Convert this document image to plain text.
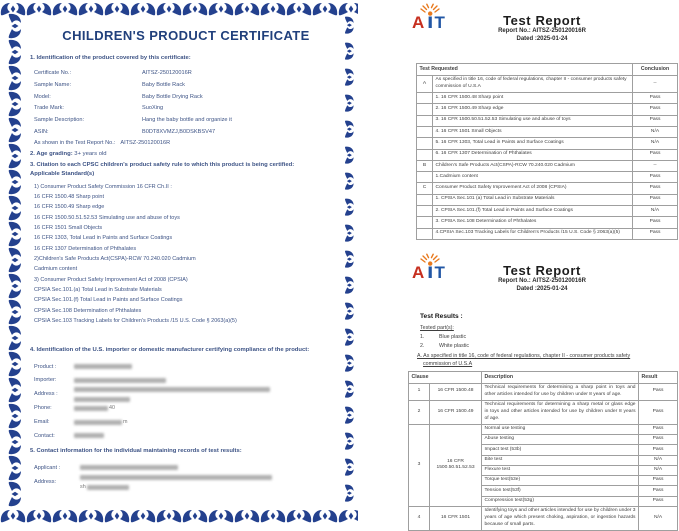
CHILDREN'S PRODUCT CERTIFICATE
1. Identification of the product covered by this certificate:
Certificate No.:	AITSZ-250120016R
Sample Name:	Baby Bottle Rack
Model:	Baby Bottle Drying Rack
Trade Mark:	SuoXing
Sample Description:	Hang the baby bottle and organize it
ASIN:	B0DT8XVMZJ,B0DSKBSV47
As shown in the Test Report No.: AITSZ-250120016R
2. Age grading: 3+ years old
3. Citation to each CPSC children's product safety rule to which this product is being certified:
Applicable Standard(s)
1) Consumer Product Safety Commission 16 CFR Ch.II :
16 CFR 1500.48 Sharp point
16 CFR 1500.49 Sharp edge
16 CFR 1500.50.51.52.53 Simulating use and abuse of toys
16 CFR 1501 Small Objects
16 CFR 1303, Total Lead in Paints and Surface Coatings
16 CFR 1307 Determination of Phthalates
2)Children's Safe Products Act(CSPA)-RCW 70.240.020 Cadmium
Cadmium content
3) Consumer Product Safety Improvement Act of 2008 (CPSIA)
CPSIA Sec.101.(a) Total Lead in Substrate Materials
CPSIA Sec.101.(f) Total Lead in Paints and Surface Coatings
CPSIA Sec.108 Determination of Phthalates
CPSIA Sec.103 Tracking Labels for Children's Products /15 U.S. Code § 2063(a)(5)
4. Identification of the U.S. importer or domestic manufacturer certifying compliance of the product:
Product :
Importer:
Address :
Phone:	40
Email:	m
Contact:
5. Contact information for the individual maintaining records of test results:
Applicant :
Address:
sh
A T	Test Report
Report No.: AITSZ-250120016R
Dated :2025-01-24
Test Requested		Conclusion
A	As specified in title 16, code of federal regulations, chapter II - consumer products safety commission of U.S.A	--
	1. 16 CFR 1500.48 Sharp point	Pass
	2. 16 CFR 1500.49 Sharp edge	Pass
	3. 16 CFR 1500.50.51.52.53 Simulating use and abuse of toys	Pass
	4. 16 CFR 1501 Small Objects	N/A
	5. 16 CFR 1303, Total Lead in Paints and Surface Coatings	N/A
	6. 16 CFR 1307 Determination of Phthalates	Pass
B	Children's Safe Products Act(CSPA)-RCW 70.240.020 Cadmium	--
	1.Cadmium content	Pass
C	Consumer Product Safety Improvement Act of 2008 (CPSIA)	Pass
	1. CPSIA Sec.101 (a) Total Lead in Substrate Materials	Pass
	2. CPSIA Sec.101.(f) Total Lead in Paints and Surface Coatings	N/A
	3. CPSIA Sec.108 Determination of Phthalates	Pass
	4.CPSIA Sec.103 Tracking Labels for Children's Products /15 U.S. Code § 2063(a)(5)	Pass
A T	Test Report
Report No.: AITSZ-250120016R
Dated :2025-01-24
Test Results :
Tested part(s):
1.	Blue plastic
2.	White plastic
A. As specified in title 16, code of federal regulations, chapter II - consumer products safety
commission of U.S.A
Clause		Description	Result
1	16 CFR 1500.48	Technical requirements for determining a sharp point in toys and other articles intended for use by children under 8 years of age.	Pass
2	16 CFR 1500.49	Technical requirements for determining a sharp metal or glass edge in toys and other articles intended for use by children under 8 years of age.	Pass
3	16 CFR 1500.50.51.52.53	Normal use testing	Pass
		Abuse testing	Pass
		Impact test (53b)	Pass
		Bite test	N/A
		Flexure test	N/A
		Torque test(53e)	Pass
		Tension test(53f)	Pass
		Compression test(53g)	Pass
4	16 CFR 1501	Identifying toys and other articles intended for use by children under 3 years of age which present choking, aspiration, or ingestion hazards because of small parts.	N/A
